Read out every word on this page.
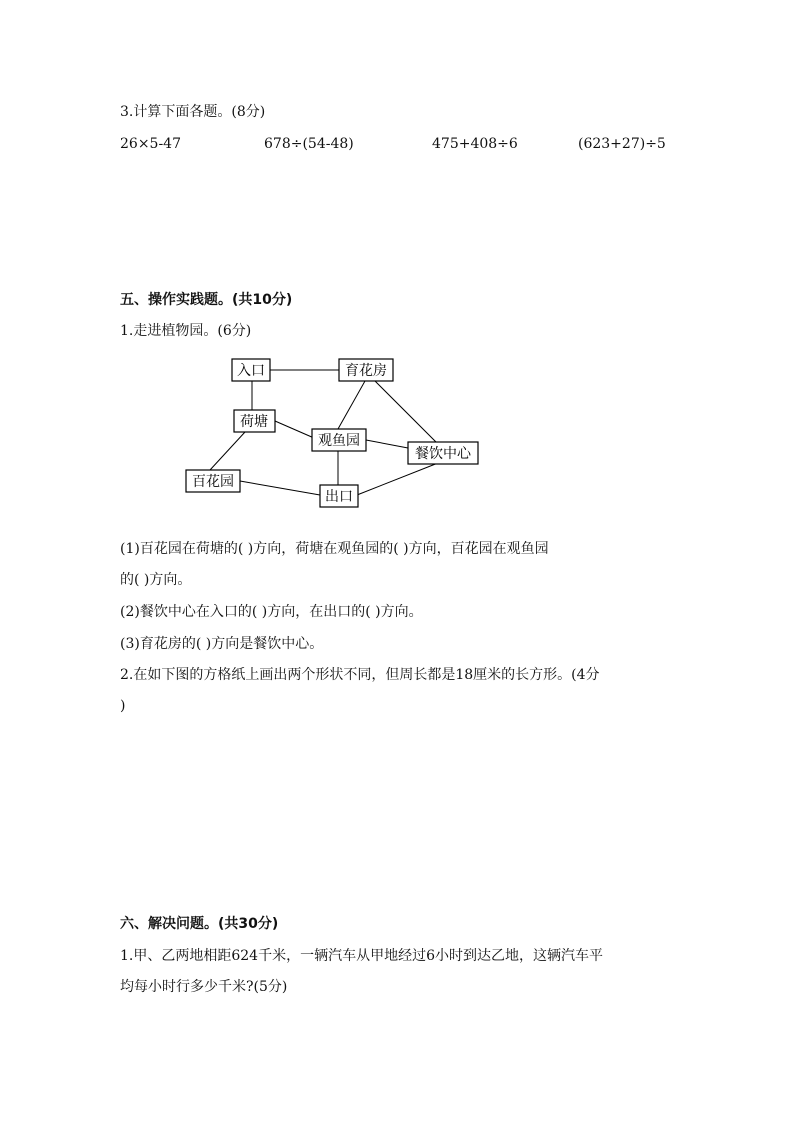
3.计算下面各题。(8分)
26×5-47	678÷(54-48)	475+408÷6	(623+27)÷5
五、操作实践题。(共10分)
1.走进植物园。(6分)
入口	育花房
荷塘
观鱼园
餐饮中心
百花园
出口
(1)百花园在荷塘的( )方向，荷塘在观鱼园的( )方向，百花园在观鱼园
的( )方向。
(2)餐饮中心在入口的( )方向，在出口的( )方向。
(3)育花房的( )方向是餐饮中心。
2.在如下图的方格纸上画出两个形状不同，但周长都是18厘米的长方形。(4分
)
六、解决问题。(共30分)
1.甲、乙两地相距624千米，一辆汽车从甲地经过6小时到达乙地，这辆汽车平
均每小时行多少千米?(5分)
